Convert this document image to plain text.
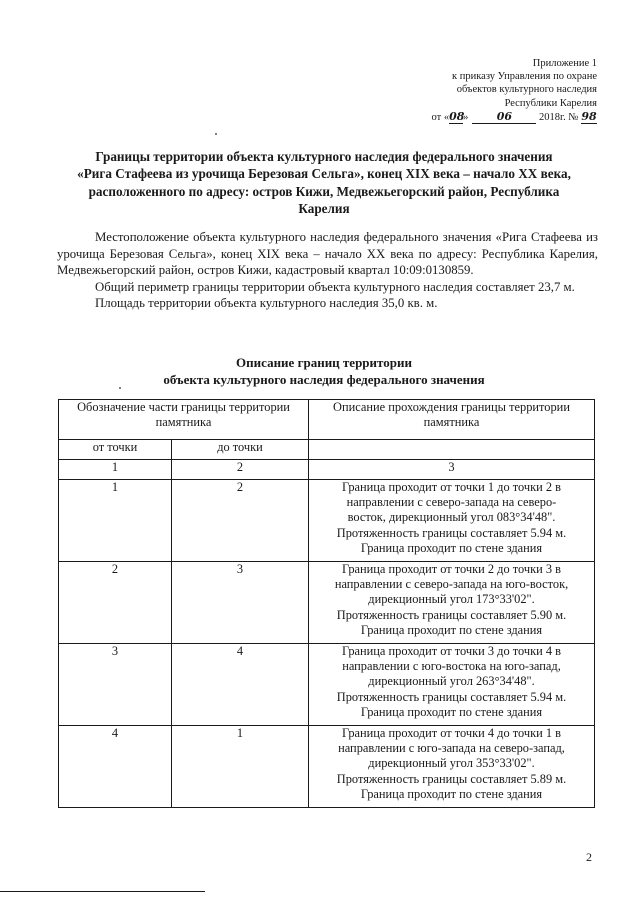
Приложение 1
к приказу Управления по охране
объектов культурного наследия
Республики Карелия
от «08»	06	2018г. № 98
Границы территории объекта культурного наследия федерального значения
«Рига Стафеева из урочища Березовая Сельга», конец XIX века – начало XX века,
расположенного по адресу: остров Кижи, Медвежьегорский район, Республика
Карелия

Местоположение объекта культурного наследия федерального значения «Рига Стафеева из урочища Березовая Сельга», конец XIX века – начало XX века по адресу: Республика Карелия, Медвежьегорский район, остров Кижи, кадастровый квартал 10:09:0130859.

Общий периметр границы территории объекта культурного наследия составляет 23,7 м.

Площадь территории объекта культурного наследия 35,0 кв. м.

Описание границ территории
объекта культурного наследия федерального значения
Обозначение части границы территории памятника		Описание прохождения границы территории памятника
от точки	до точки	
1	2	3
1	2	Граница проходит от точки 1 до точки 2 в
направлении с северо-запада на северо-
восток, дирекционный угол 083°34'48".
Протяженность границы составляет 5.94 м.
Граница проходит по стене здания

2	3	Граница проходит от точки 2 до точки 3 в
направлении с северо-запада на юго-восток,
дирекционный угол 173°33'02".
Протяженность границы составляет 5.90 м.
Граница проходит по стене здания

3	4	Граница проходит от точки 3 до точки 4 в
направлении с юго-востока на юго-запад,
дирекционный угол 263°34'48".
Протяженность границы составляет 5.94 м.
Граница проходит по стене здания

4	1	Граница проходит от точки 4 до точки 1 в
направлении с юго-запада на северо-запад,
дирекционный угол 353°33'02".
Протяженность границы составляет 5.89 м.
Граница проходит по стене здания
2
